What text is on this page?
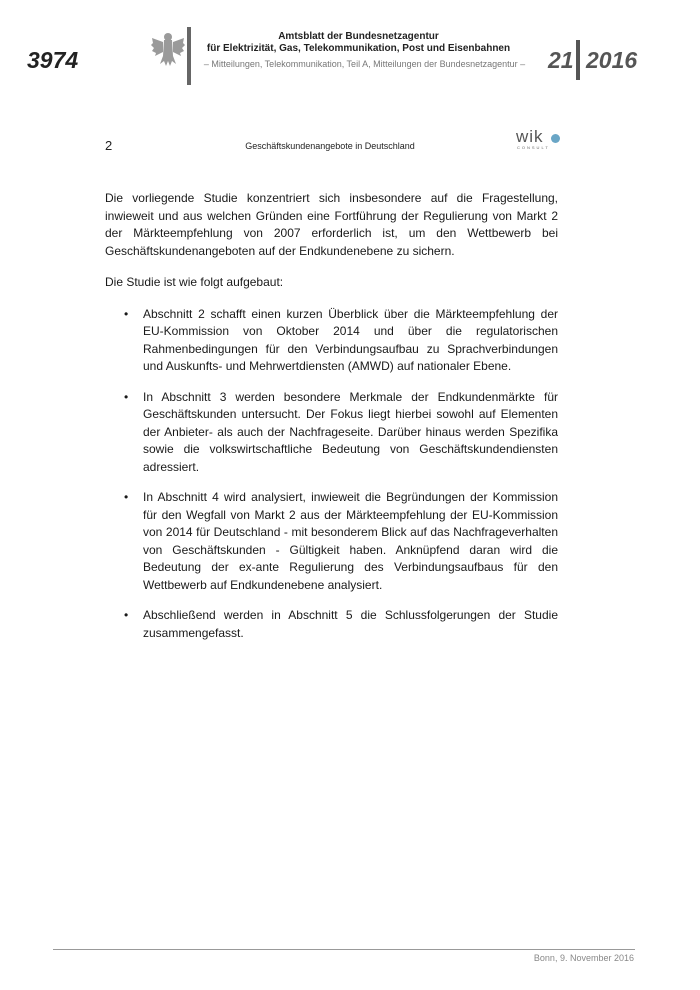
3974
Amtsblatt der Bundesnetzagentur
für Elektrizität, Gas, Telekommunikation, Post und Eisenbahnen
– Mitteilungen, Telekommunikation, Teil A, Mitteilungen der Bundesnetzagentur – 21 2016
2	Geschäftskundenangebote in Deutschland	wik
CONSULT

Die vorliegende Studie konzentriert sich insbesondere auf die Fragestellung, inwieweit und aus welchen Gründen eine Fortführung der Regulierung von Markt 2 der Märkteempfehlung von 2007 erforderlich ist, um den Wettbewerb bei Geschäftskundenangeboten auf der Endkundenebene zu sichern.

Die Studie ist wie folgt aufgebaut:

• Abschnitt 2 schafft einen kurzen Überblick über die Märkteempfehlung der EU-Kommission von Oktober 2014 und über die regulatorischen Rahmenbedingungen für den Verbindungsaufbau zu Sprachverbindungen und Auskunfts- und Mehrwertdiensten (AMWD) auf nationaler Ebene.
• In Abschnitt 3 werden besondere Merkmale der Endkundenmärkte für Geschäftskunden untersucht. Der Fokus liegt hierbei sowohl auf Elementen der Anbieter- als auch der Nachfrageseite. Darüber hinaus werden Spezifika sowie die volkswirtschaftliche Bedeutung von Geschäftskundendiensten adressiert.
• In Abschnitt 4 wird analysiert, inwieweit die Begründungen der Kommission für den Wegfall von Markt 2 aus der Märkteempfehlung der EU-Kommission von 2014 für Deutschland - mit besonderem Blick auf das Nachfrageverhalten von Geschäftskunden - Gültigkeit haben. Anknüpfend daran wird die Bedeutung der ex-ante Regulierung des Verbindungsaufbaus für den Wettbewerb auf Endkundenebene analysiert.
• Abschließend werden in Abschnitt 5 die Schlussfolgerungen der Studie zusammengefasst.
Bonn, 9. November 2016
